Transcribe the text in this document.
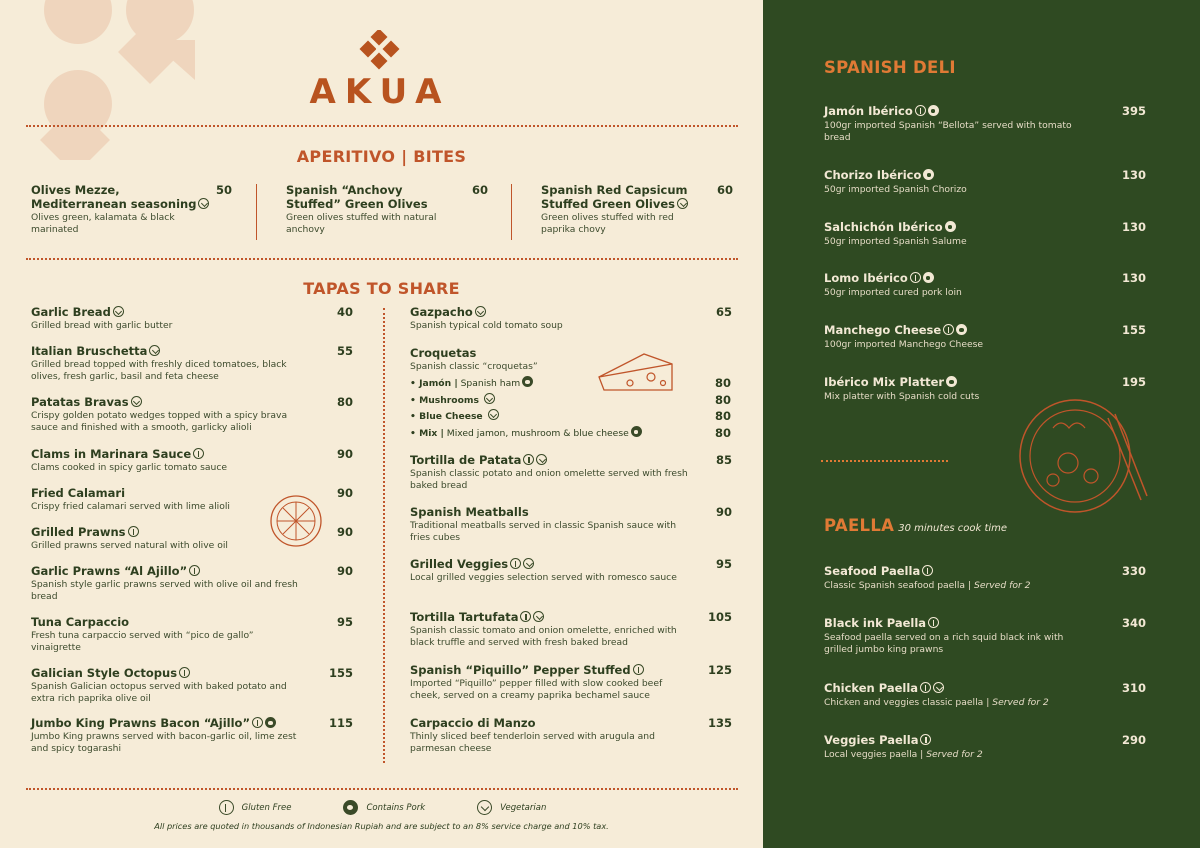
AKUA
APERITIVO | BITES
Olives Mezze, Mediterranean seasoning
50
Olives green, kalamata & black marinated
Spanish “Anchovy Stuffed” Green Olives
60
Green olives stuffed with natural anchovy
Spanish Red Capsicum Stuffed Green Olives
60
Green olives stuffed with red paprika chovy
TAPAS TO SHARE
Garlic Bread	40
Grilled bread with garlic butter
Italian Bruschetta	55
Grilled bread topped with freshly diced tomatoes, black olives, fresh garlic, basil and feta cheese
Patatas Bravas	80
Crispy golden potato wedges topped with a spicy brava sauce and finished with a smooth, garlicky alioli
Clams in Marinara Sauce	90
Clams cooked in spicy garlic tomato sauce
Fried Calamari	90
Crispy fried calamari served with lime alioli
Grilled Prawns	90
Grilled prawns served natural with olive oil
Garlic Prawns “Al Ajillo”	90
Spanish style garlic prawns served with olive oil and fresh bread
Tuna Carpaccio	95
Fresh tuna carpaccio served with “pico de gallo” vinaigrette
Galician Style Octopus	155
Spanish Galician octopus served with baked potato and extra rich paprika olive oil
Jumbo King Prawns Bacon “Ajillo”	115
Jumbo King prawns served with bacon-garlic oil, lime zest and spicy togarashi
Gazpacho	65
Spanish typical cold tomato soup
Tortilla de Patata	85
Spanish classic potato and onion omelette served with fresh baked bread
Spanish Meatballs	90
Traditional meatballs served in classic Spanish sauce with fries cubes
Grilled Veggies	95
Local grilled veggies selection served with romesco sauce
Tortilla Tartufata	105
Spanish classic tomato and onion omelette, enriched with black truffle and served with fresh baked bread
Spanish “Piquillo” Pepper Stuffed	125
Imported “Piquillo” pepper filled with slow cooked beef cheek, served on a creamy paprika bechamel sauce
Carpaccio di Manzo	135
Thinly sliced beef tenderloin served with arugula and parmesan cheese
Croquetas
Spanish classic “croquetas”
• Jamón | Spanish ham	80
• Mushrooms	80
• Blue Cheese	80
• Mix | Mixed jamon, mushroom & blue cheese	80
Gluten Free	Contains Pork	Vegetarian
All prices are quoted in thousands of Indonesian Rupiah and are subject to an 8% service charge and 10% tax.
SPANISH DELI
Jamón Ibérico	395
100gr imported Spanish “Bellota” served with tomato bread
Chorizo Ibérico	130
50gr imported Spanish Chorizo
Salchichón Ibérico	130
50gr imported Spanish Salume
Lomo Ibérico	130
50gr imported cured pork loin
Manchego Cheese	155
100gr imported Manchego Cheese
Ibérico Mix Platter	195
Mix platter with Spanish cold cuts
PAELLA 30 minutes cook time
Seafood Paella	330
Classic Spanish seafood paella | Served for 2
Black ink Paella	340
Seafood paella served on a rich squid black ink with grilled jumbo king prawns
Chicken Paella	310
Chicken and veggies classic paella | Served for 2
Veggies Paella	290
Local veggies paella | Served for 2
